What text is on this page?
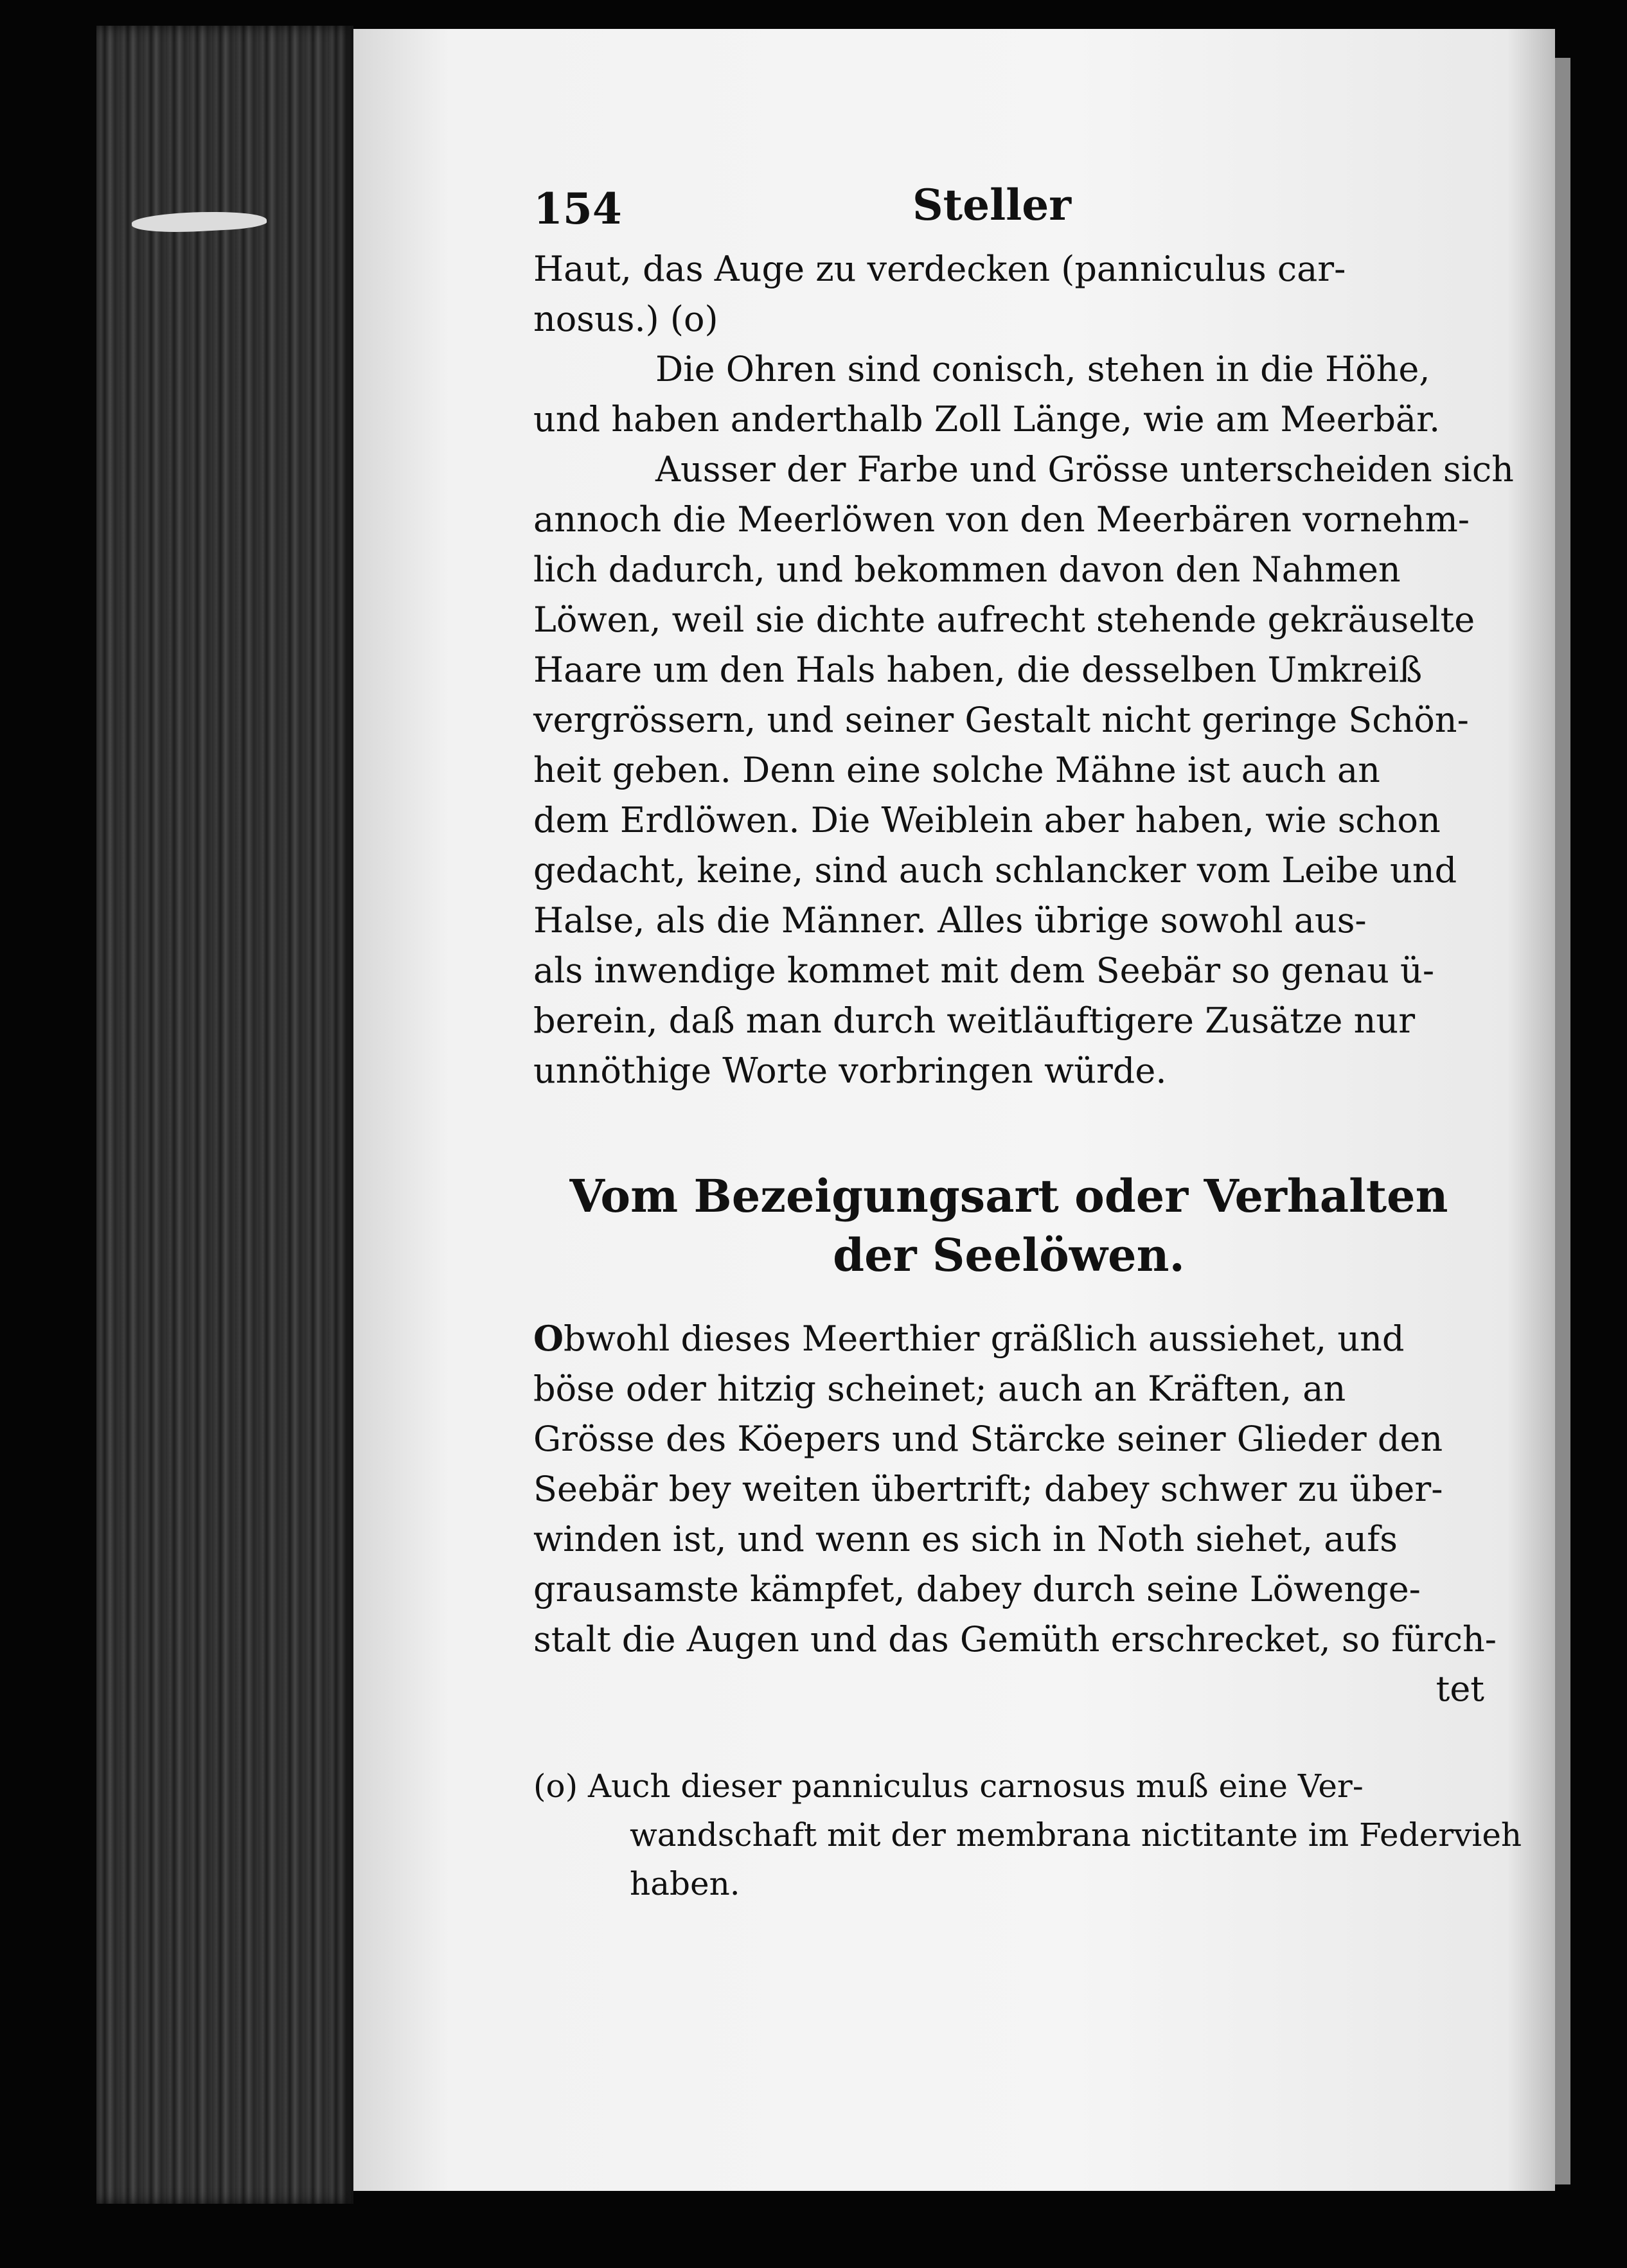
154	Steller
Haut, das Auge zu verdecken (panniculus car-
nosus.) (o)
Die Ohren sind conisch, stehen in die Höhe,
und haben anderthalb Zoll Länge, wie am Meerbär.
Ausser der Farbe und Grösse unterscheiden sich
annoch die Meerlöwen von den Meerbären vornehm-
lich dadurch, und bekommen davon den Nahmen
Löwen, weil sie dichte aufrecht stehende gekräuselte
Haare um den Hals haben, die desselben Umkreiß
vergrössern, und seiner Gestalt nicht geringe Schön-
heit geben. Denn eine solche Mähne ist auch an
dem Erdlöwen. Die Weiblein aber haben, wie schon
gedacht, keine, sind auch schlancker vom Leibe und
Halse, als die Männer. Alles übrige sowohl aus-
als inwendige kommet mit dem Seebär so genau ü-
berein, daß man durch weitläuftigere Zusätze nur
unnöthige Worte vorbringen würde.
Vom Bezeigungsart oder Verhalten
der Seelöwen.
Obwohl dieses Meerthier gräßlich aussiehet, und
böse oder hitzig scheinet; auch an Kräften, an
Grösse des Köepers und Stärcke seiner Glieder den
Seebär bey weiten übertrift; dabey schwer zu über-
winden ist, und wenn es sich in Noth siehet, aufs
grausamste kämpfet, dabey durch seine Löwenge-
stalt die Augen und das Gemüth erschrecket, so fürch-
tet
(o) Auch dieser panniculus carnosus muß eine Ver-
wandschaft mit der membrana nictitante im Federvieh
haben.
